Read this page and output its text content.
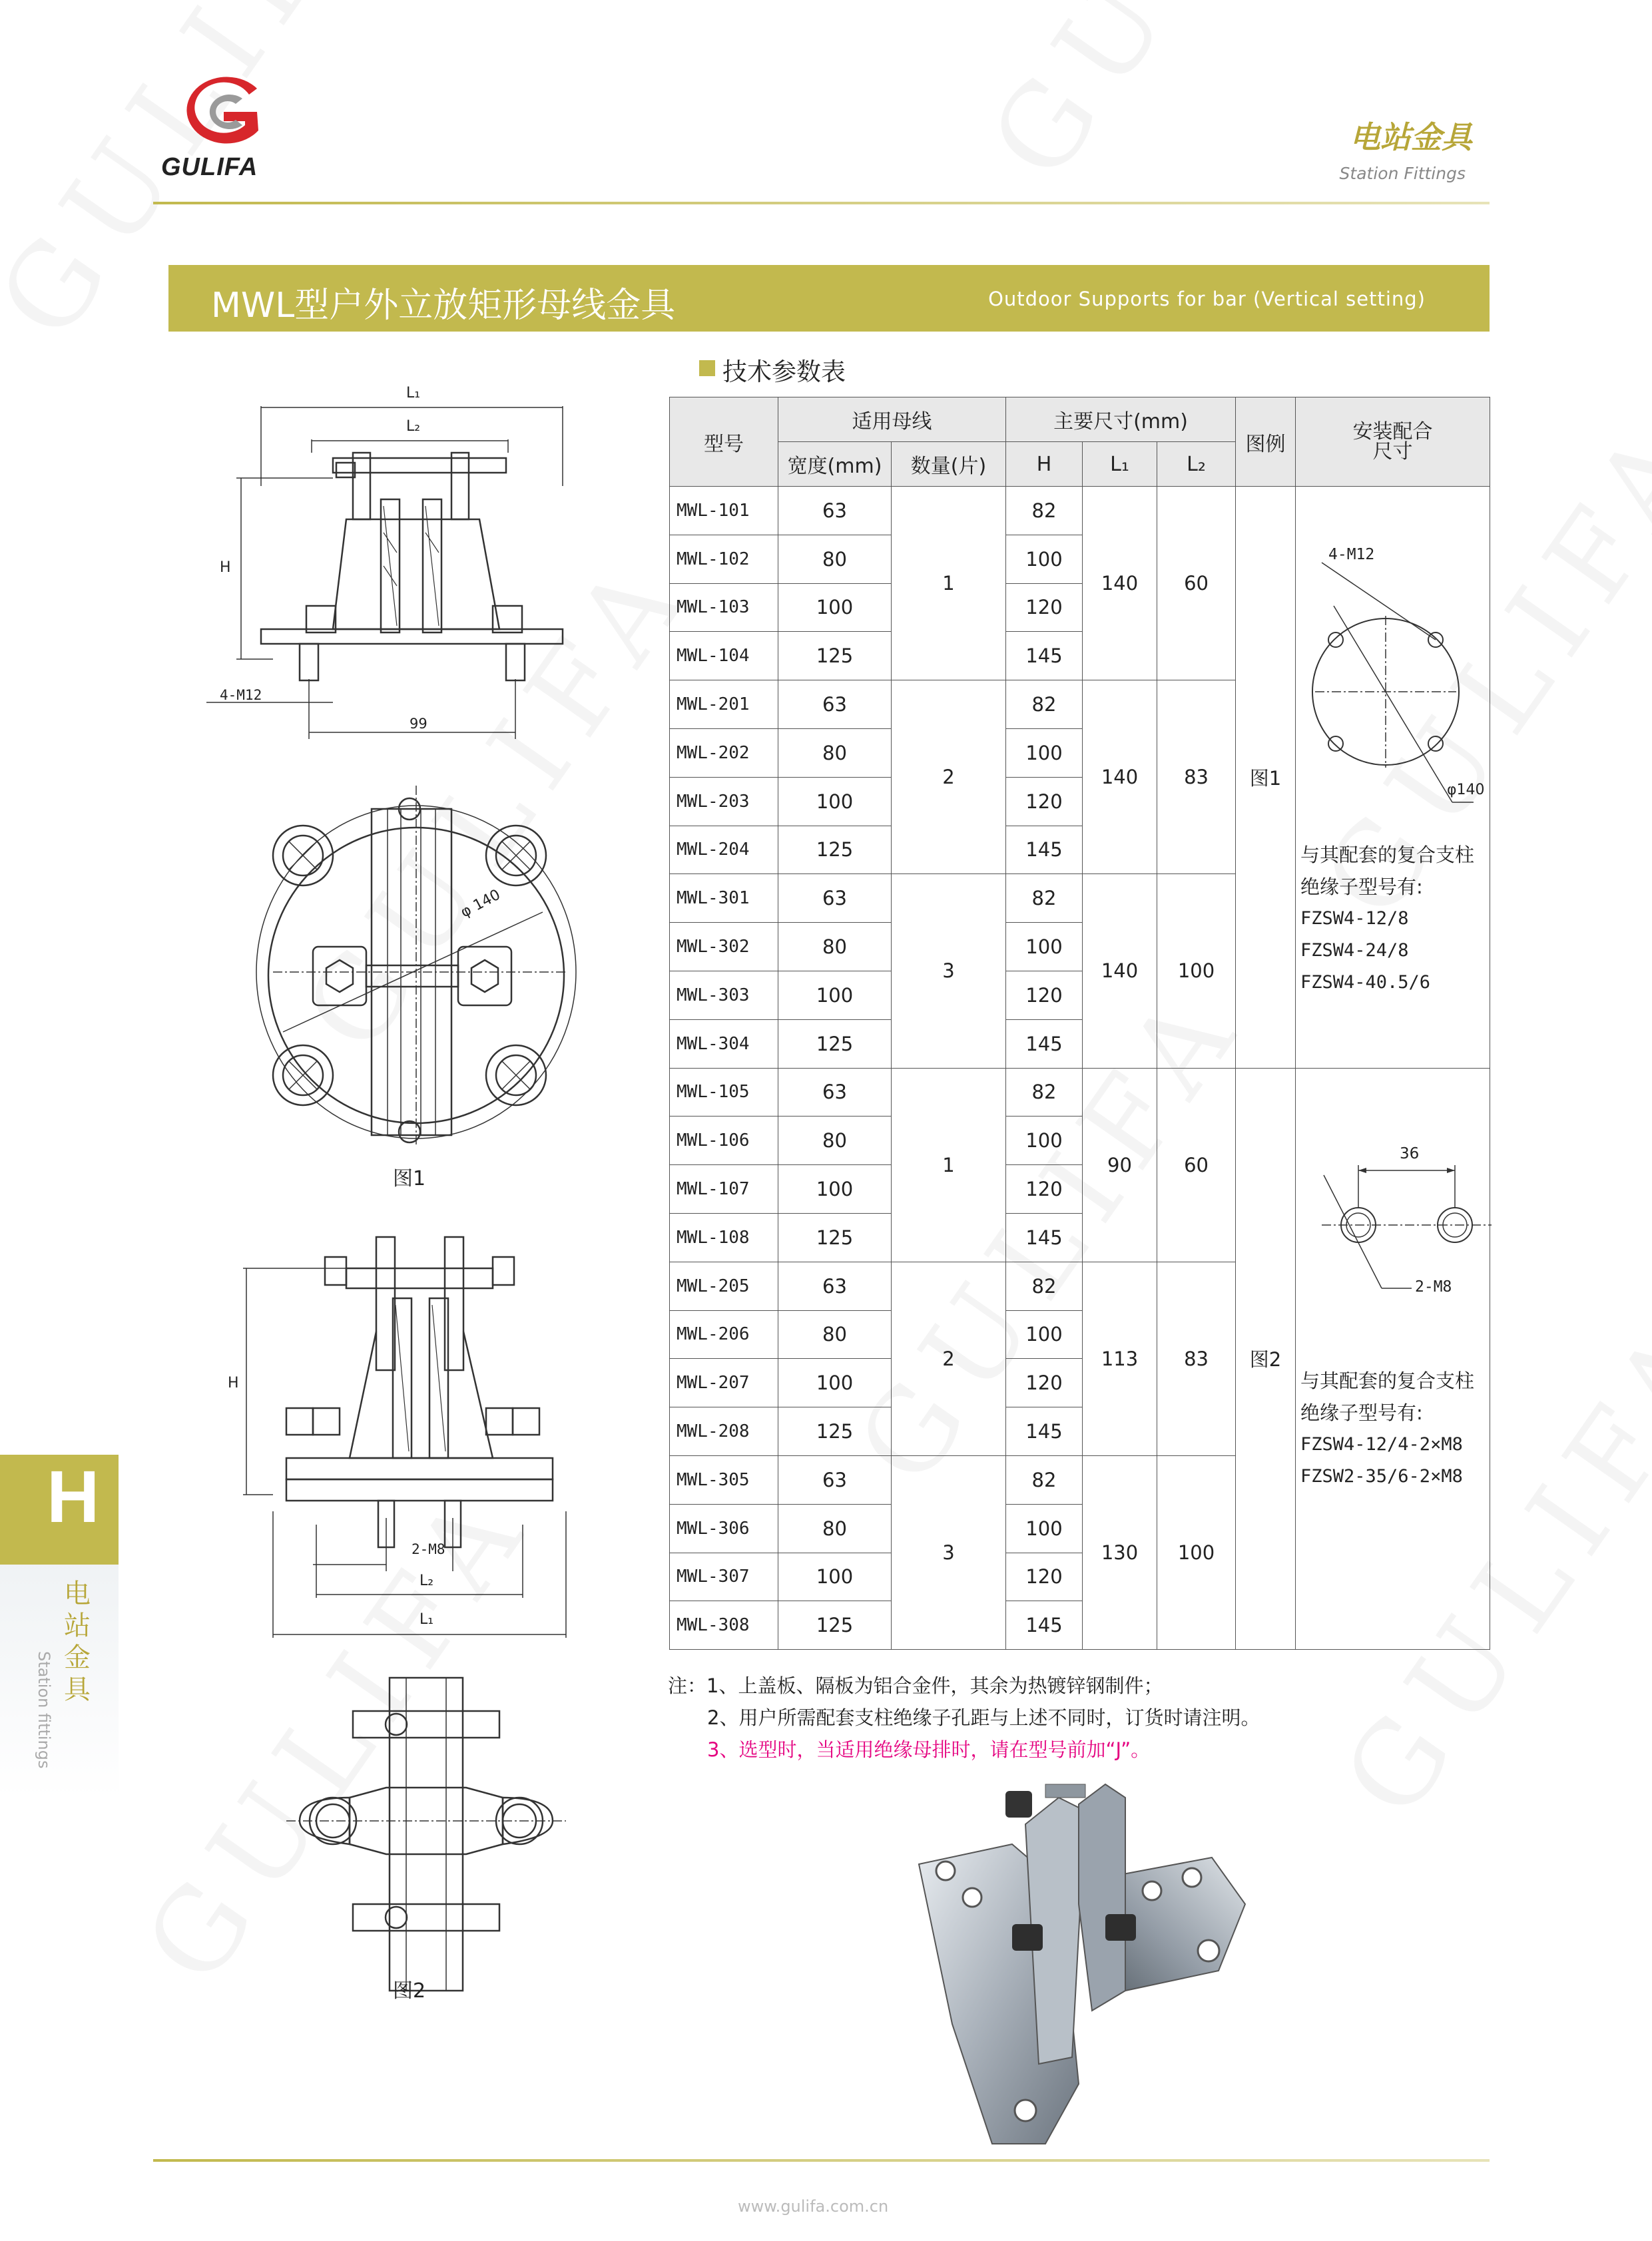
GULIFA
电站金具
Station Fittings
MWL型户外立放矩形母线金具	Outdoor Supports for bar (Vertical setting)
技术参数表
型号	适用母线		主要尺寸(mm)			图例	安装配合尺寸

	宽度(mm)	数量(片)	H	L₁	L₂		
MWL-101	63	1	82	140	60	图1	
MWL-102	80		100				
MWL-103	100		120				
MWL-104	125		145				
MWL-201	63	2	82	140	83		
MWL-202	80		100				
MWL-203	100		120				
MWL-204	125		145				
MWL-301	63	3	82	140	100		
MWL-302	80		100				
MWL-303	100		120				
MWL-304	125		145				
MWL-105	63	1	82	90	60	图2	
MWL-106	80		100				
MWL-107	100		120				
MWL-108	125		145				
MWL-205	63	2	82	113	83		
MWL-206	80		100				
MWL-207	100		120				
MWL-208	125		145				
MWL-305	63	3	82	130	100		
MWL-306	80		100				
MWL-307	100		120				
MWL-308	125		145				
4-M12
φ140
与其配套的复合支柱绝缘子型号有:
FZSW4-12/8
FZSW4-24/8
FZSW4-40.5/6
36
2-M8
与其配套的复合支柱绝缘子型号有:
FZSW4-12/4-2×M8
FZSW2-35/6-2×M8
注：1、上盖板、隔板为铝合金件，其余为热镀锌钢制件；
2、用户所需配套支柱绝缘子孔距与上述不同时，订货时请注明。
3、选型时，当适用绝缘母排时，请在型号前加“J”。
L₁
L₂
H
4-M12
99
φ 140
图1
H
2-M8
L₂
L₁
图2
H
电站金具
Station fittings
www.gulifa.com.cn
